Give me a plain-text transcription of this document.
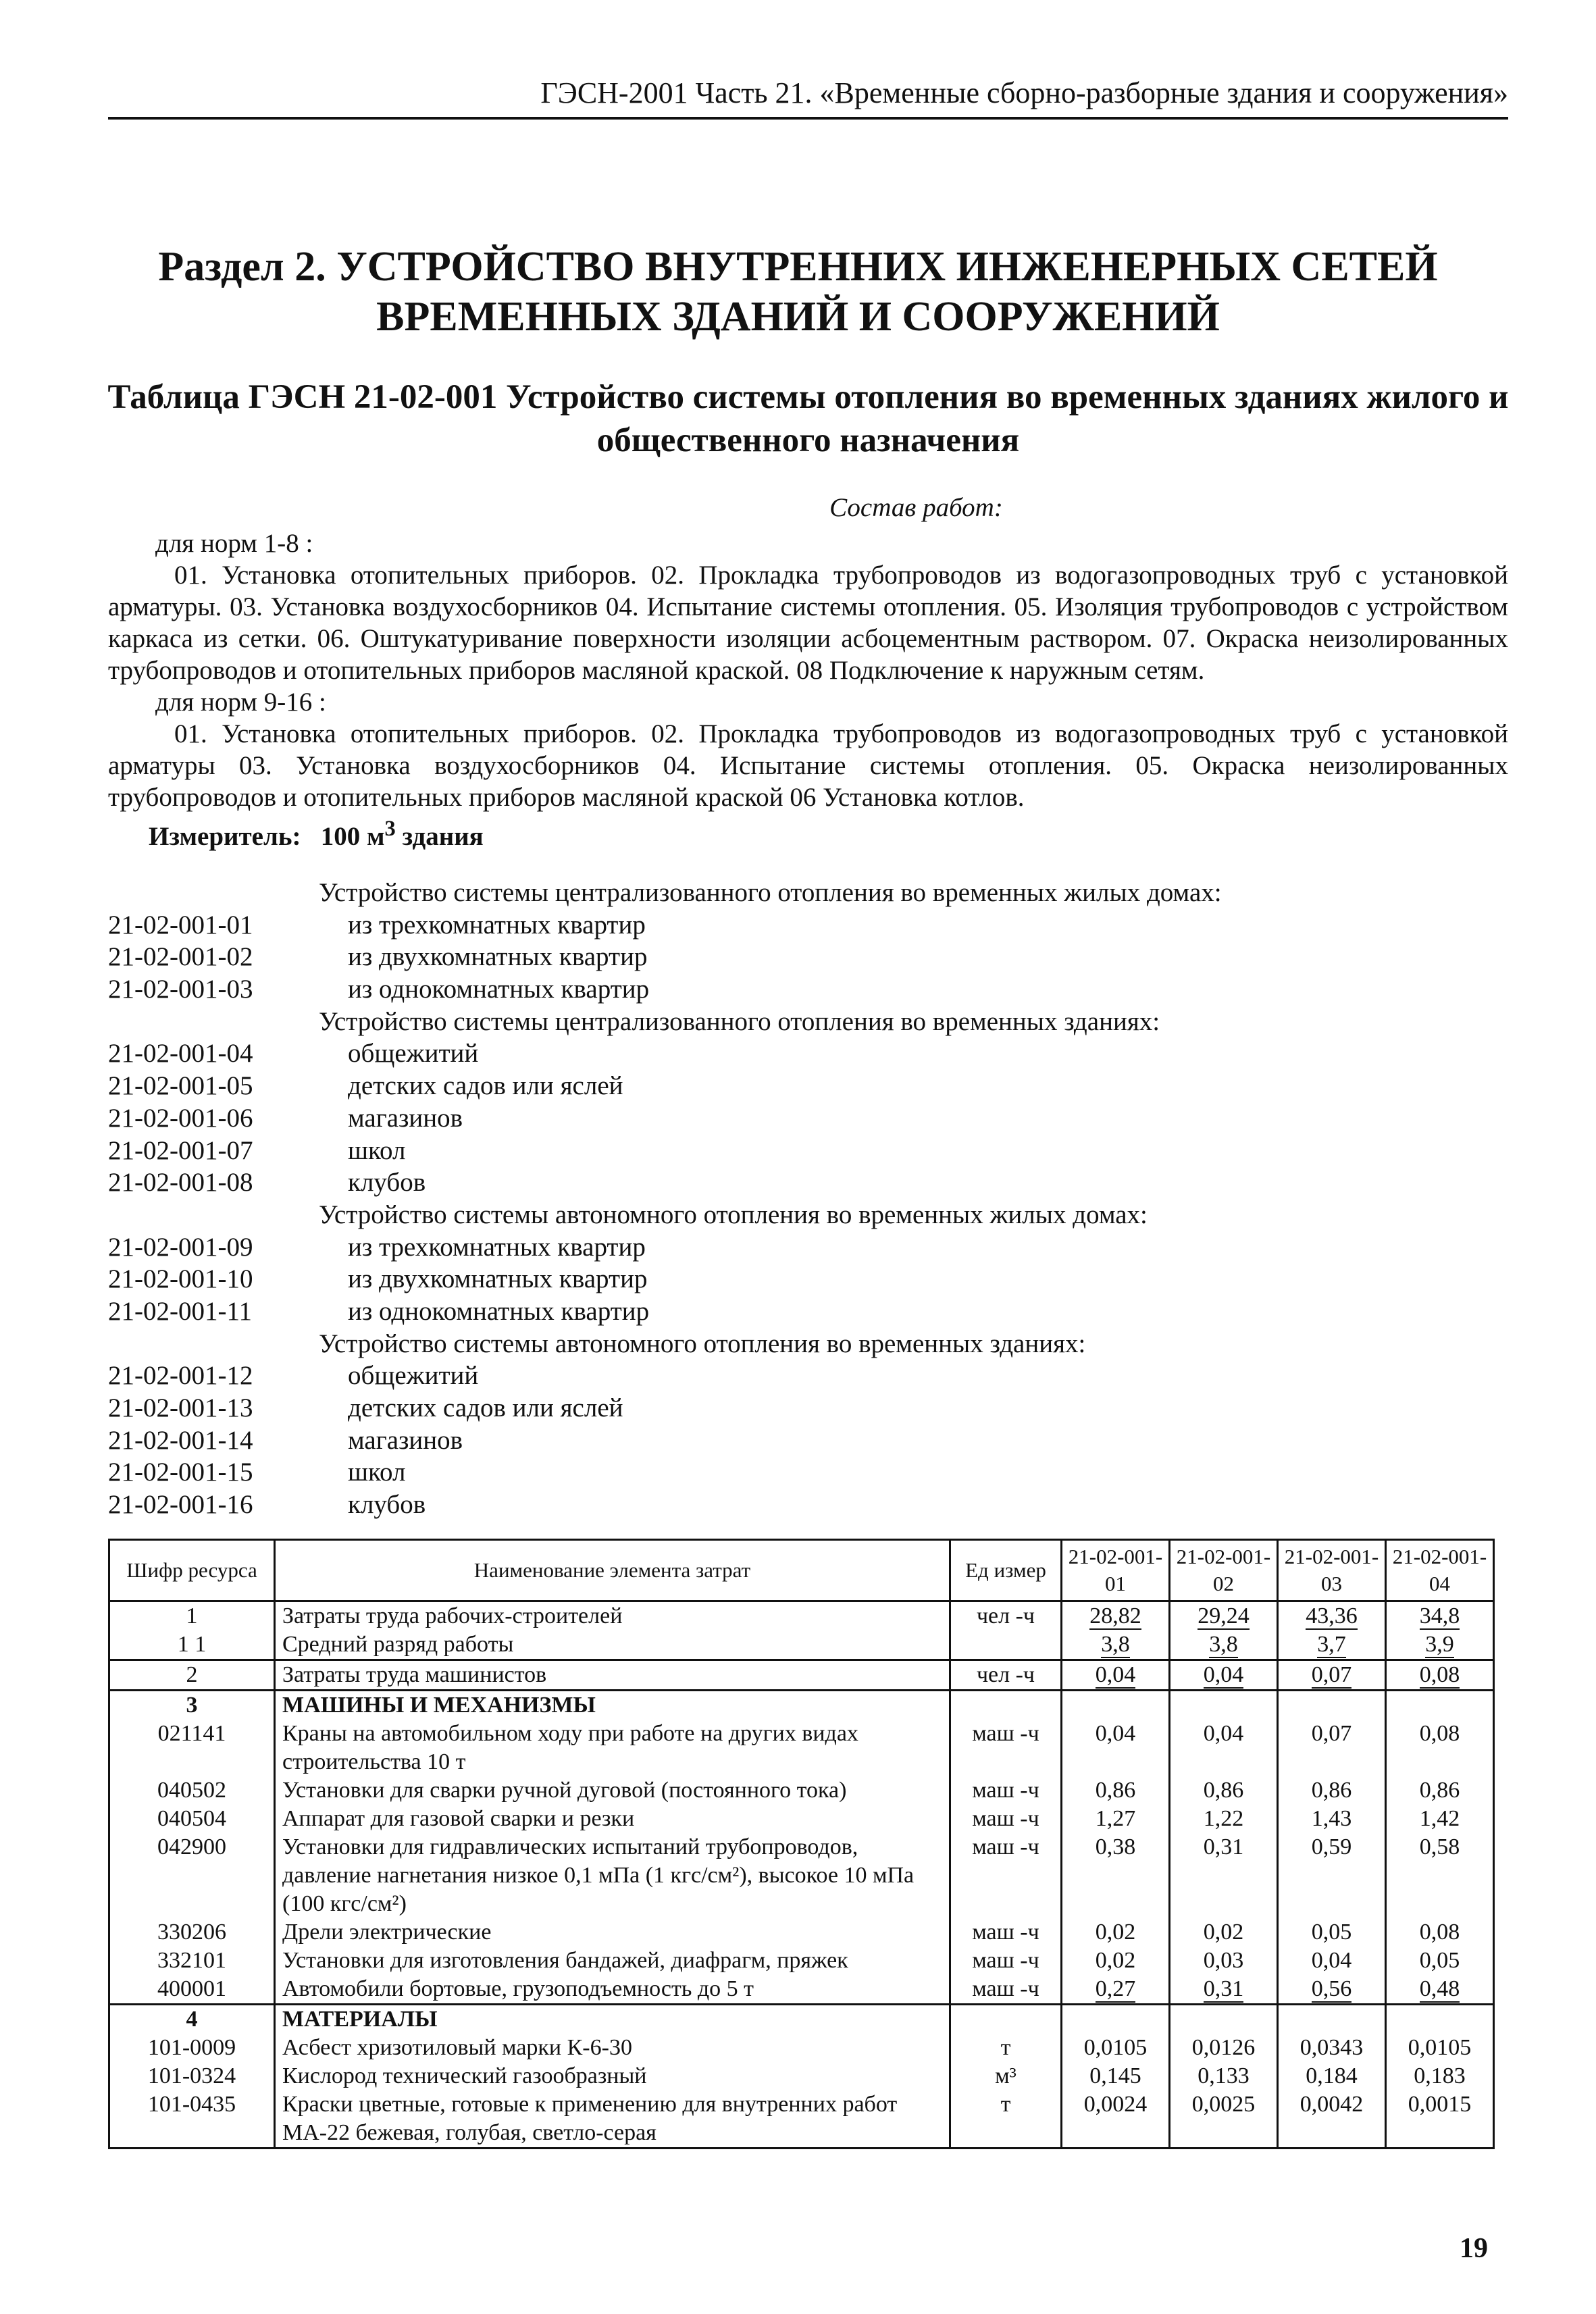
ГЭСН-2001 Часть 21. «Временные сборно-разборные здания и сооружения»
Раздел 2. УСТРОЙСТВО ВНУТРЕННИХ ИНЖЕНЕРНЫХ СЕТЕЙ
ВРЕМЕННЫХ ЗДАНИЙ И СООРУЖЕНИЙ
Таблица ГЭСН 21-02-001 Устройство системы отопления во временных зданиях жилого и
общественного назначения
Состав работ:

для норм 1-8 :

01. Установка отопительных приборов. 02. Прокладка трубопроводов из водогазопроводных труб с установкой арматуры. 03. Установка воздухосборников 04. Испытание системы отопления. 05. Изоляция трубопроводов с устройством каркаса из сетки. 06. Оштукатуривание поверхности изоляции асбоцементным раствором. 07. Окраска неизолированных трубопроводов и отопительных приборов масляной краской. 08 Подключение к наружным сетям.

для норм 9-16 :

01. Установка отопительных приборов. 02. Прокладка трубопроводов из водогазопроводных труб с установкой арматуры 03. Установка воздухосборников 04. Испытание системы отопления. 05. Окраска неизолированных трубопроводов и отопительных приборов масляной краской 06 Установка котлов.

Измеритель: 100 $м^3$ здания

Устройство системы централизованного отопления во временных жилых домах:
21-02-001-01	из трехкомнатных квартир
21-02-001-02	из двухкомнатных квартир
21-02-001-03	из однокомнатных квартир
Устройство системы централизованного отопления во временных зданиях:
21-02-001-04	общежитий
21-02-001-05	детских садов или яслей
21-02-001-06	магазинов
21-02-001-07	школ
21-02-001-08	клубов
Устройство системы автономного отопления во временных жилых домах:
21-02-001-09	из трехкомнатных квартир
21-02-001-10	из двухкомнатных квартир
21-02-001-11	из однокомнатных квартир
Устройство системы автономного отопления во временных зданиях:
21-02-001-12	общежитий
21-02-001-13	детских садов или яслей
21-02-001-14	магазинов
21-02-001-15	школ
21-02-001-16	клубов
Шифр ресурса	Наименование элемента затрат	Ед измер	21-02-001-01	21-02-001-02	21-02-001-03	21-02-001-04
1	Затраты труда рабочих-строителей	чел -ч	28,82	29,24	43,36	34,8
1 1	Средний разряд работы		3,8	3,8	3,7	3,9
2	Затраты труда машинистов	чел -ч	0,04	0,04	0,07	0,08
3	МАШИНЫ И МЕХАНИЗМЫ					
021141	Краны на автомобильном ходу при работе на других видах строительства 10 т	маш -ч	0,04	0,04	0,07	0,08
040502	Установки для сварки ручной дуговой (постоянного тока)	маш -ч	0,86	0,86	0,86	0,86
040504	Аппарат для газовой сварки и резки	маш -ч	1,27	1,22	1,43	1,42
042900	Установки для гидравлических испытаний трубопроводов, давление нагнетания низкое 0,1 мПа (1 кгс/см²), высокое 10 мПа (100 кгс/см²)	маш -ч	0,38	0,31	0,59	0,58
330206	Дрели электрические	маш -ч	0,02	0,02	0,05	0,08
332101	Установки для изготовления бандажей, диафрагм, пряжек	маш -ч	0,02	0,03	0,04	0,05
400001	Автомобили бортовые, грузоподъемность до 5 т	маш -ч	0,27	0,31	0,56	0,48
4	МАТЕРИАЛЫ					
101-0009	Асбест хризотиловый марки К-6-30	т	0,0105	0,0126	0,0343	0,0105
101-0324	Кислород технический газообразный	м³	0,145	0,133	0,184	0,183
101-0435	Краски цветные, готовые к применению для внутренних работ МА-22 бежевая, голубая, светло-серая	т	0,0024	0,0025	0,0042	0,0015
19
